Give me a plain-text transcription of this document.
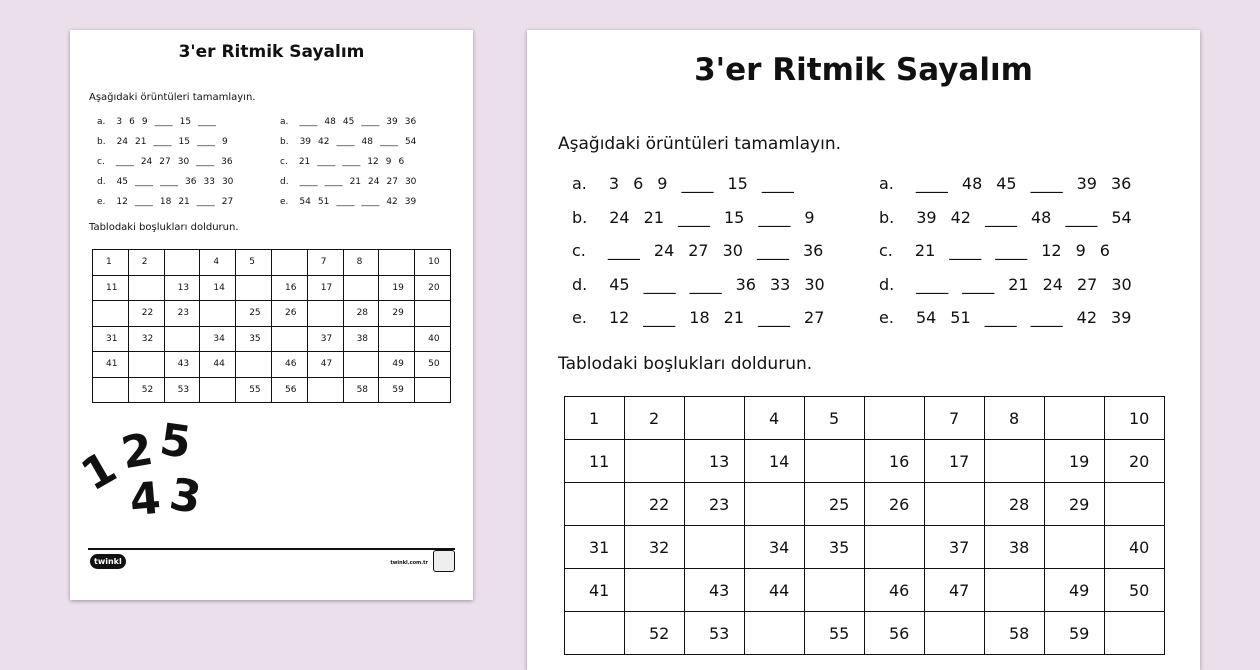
3'er Ritmik Sayalım
Aşağıdaki örüntüleri tamamlayın.
Tablodaki boşlukları doldurun.
1
2 5
4 3
twinkl	twinkl.com.tr
a. 3 6 9 ____ 15 ____
b. 24 21 ____ 15 ____ 9
c. ____ 24 27 30 ____ 36
d. 45 ____ ____ 36 33 30
e. 12 ____ 18 21 ____ 27
a. ____ 48 45 ____ 39 36
b. 39 42 ____ 48 ____ 54
c. 21 ____ ____ 12 9 6
d. ____ ____ 21 24 27 30
e. 54 51 ____ ____ 42 39
1	2		4	5		7	8		10
11		13	14		16	17		19	20
	22	23		25	26		28	29	
31	32		34	35		37	38		40
41		43	44		46	47		49	50
	52	53		55	56		58	59	
3'er Ritmik Sayalım
Aşağıdaki örüntüleri tamamlayın.
Tablodaki boşlukları doldurun.
a. 3 6 9 ____ 15 ____
b. 24 21 ____ 15 ____ 9
c. ____ 24 27 30 ____ 36
d. 45 ____ ____ 36 33 30
e. 12 ____ 18 21 ____ 27
a. ____ 48 45 ____ 39 36
b. 39 42 ____ 48 ____ 54
c. 21 ____ ____ 12 9 6
d. ____ ____ 21 24 27 30
e. 54 51 ____ ____ 42 39
1	2		4	5		7	8		10
11		13	14		16	17		19	20
	22	23		25	26		28	29	
31	32		34	35		37	38		40
41		43	44		46	47		49	50
	52	53		55	56		58	59	
